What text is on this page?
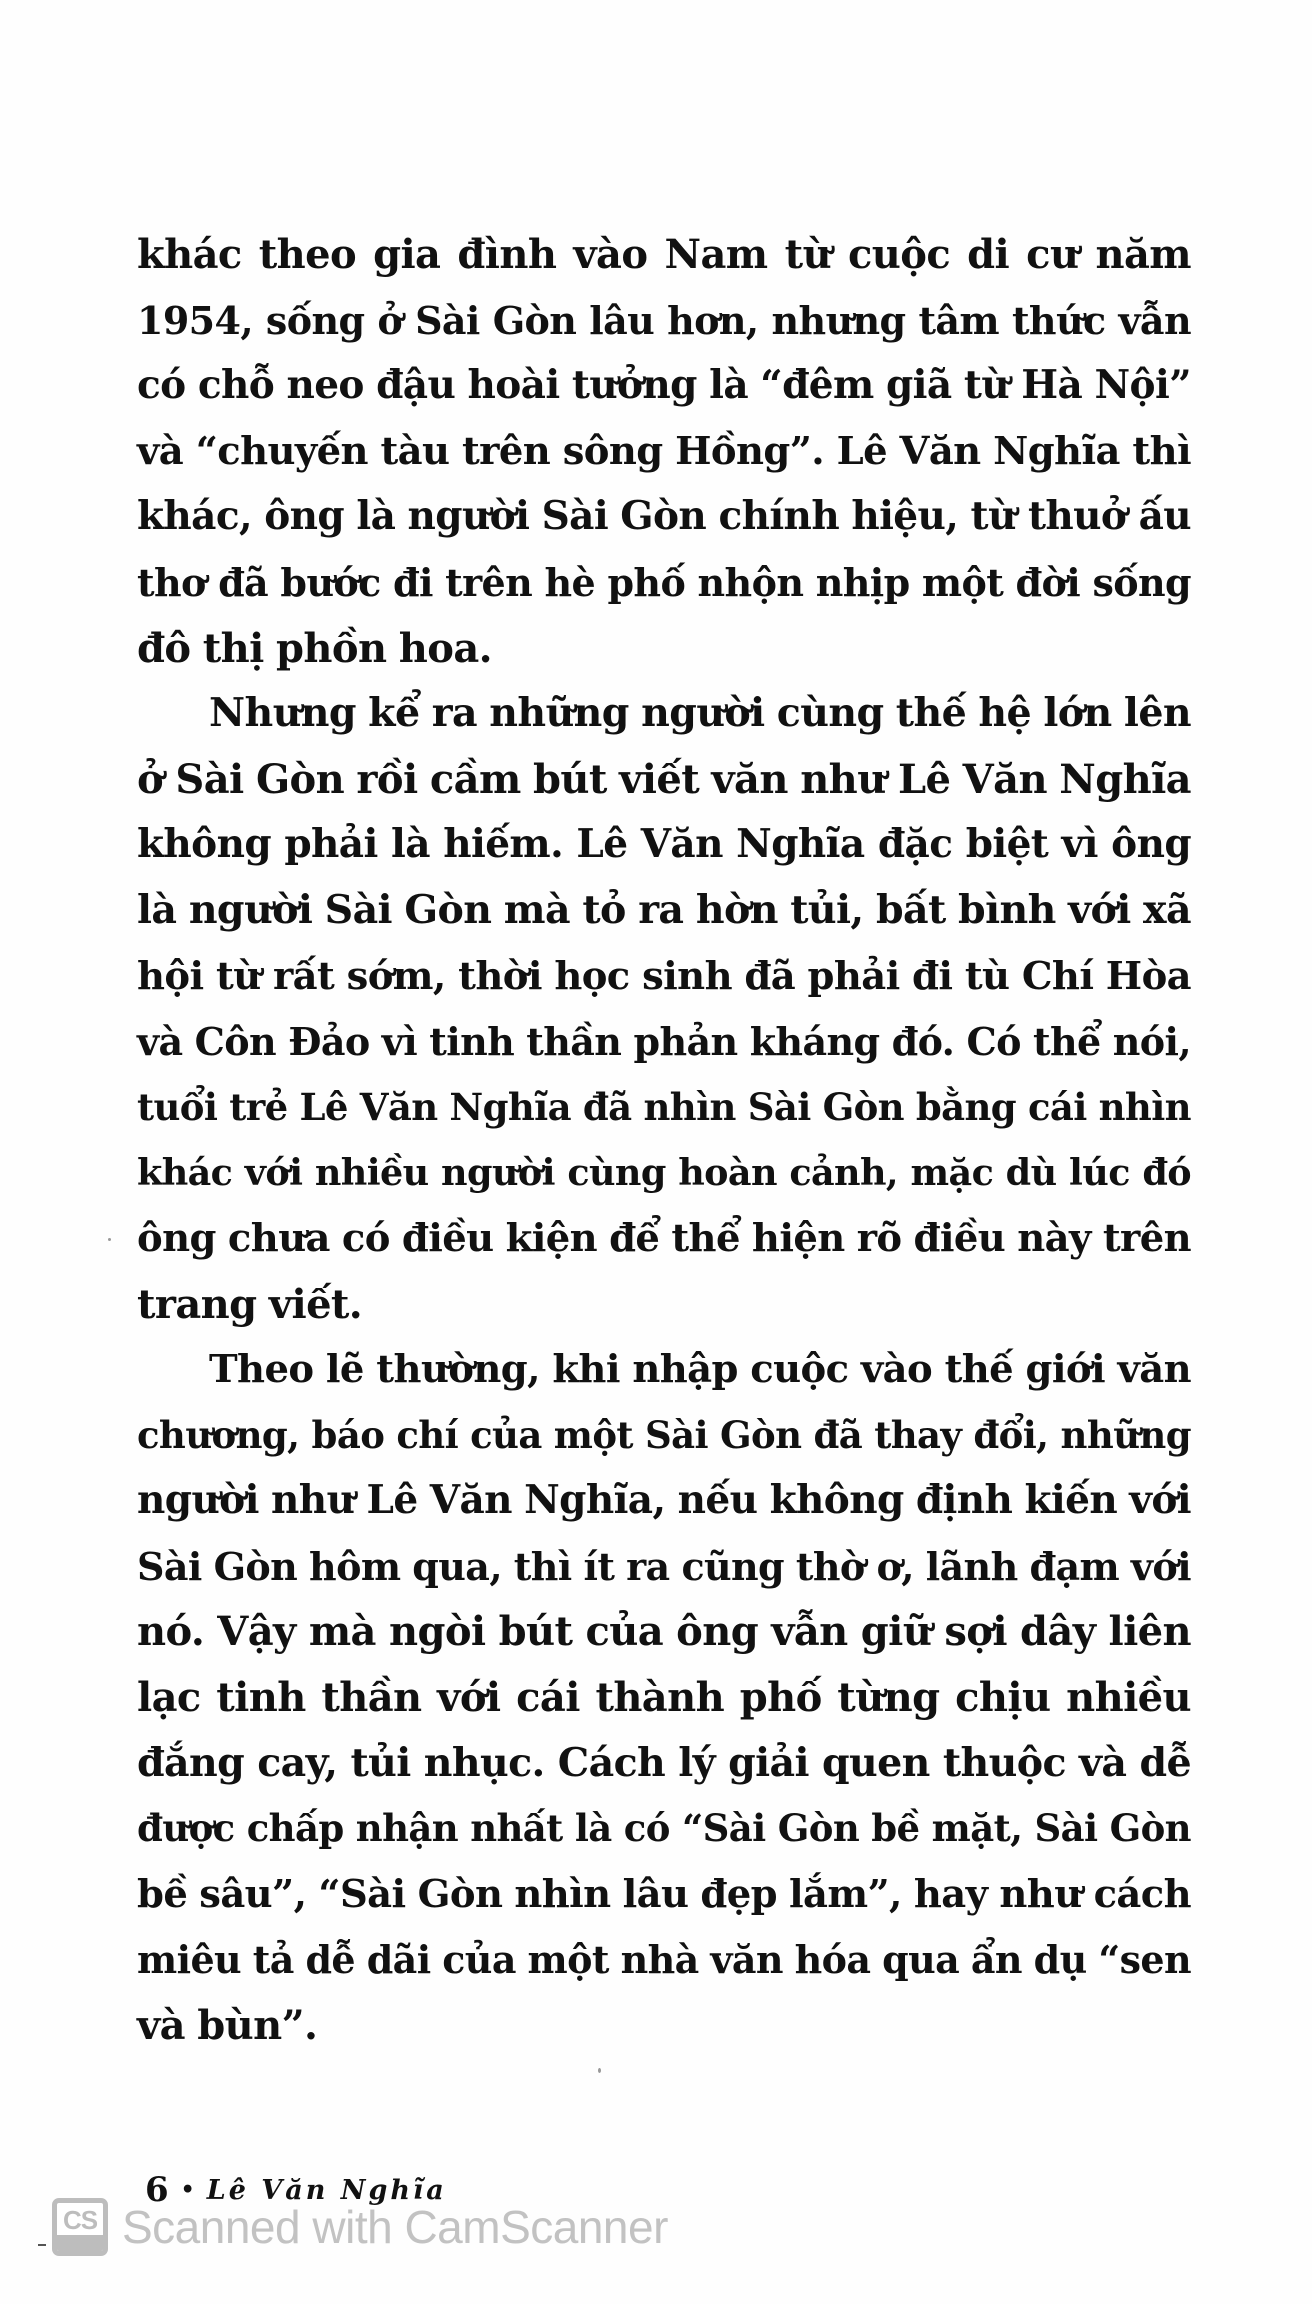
khác theo gia đình vào Nam từ cuộc di cư năm
1954, sống ở Sài Gòn lâu hơn, nhưng tâm thức vẫn
có chỗ neo đậu hoài tưởng là “đêm giã từ Hà Nội”
và “chuyến tàu trên sông Hồng”. Lê Văn Nghĩa thì
khác, ông là người Sài Gòn chính hiệu, từ thuở ấu
thơ đã bước đi trên hè phố nhộn nhịp một đời sống
đô thị phồn hoa.
Nhưng kể ra những người cùng thế hệ lớn lên
ở Sài Gòn rồi cầm bút viết văn như Lê Văn Nghĩa
không phải là hiếm. Lê Văn Nghĩa đặc biệt vì ông
là người Sài Gòn mà tỏ ra hờn tủi, bất bình với xã
hội từ rất sớm, thời học sinh đã phải đi tù Chí Hòa
và Côn Đảo vì tinh thần phản kháng đó. Có thể nói,
tuổi trẻ Lê Văn Nghĩa đã nhìn Sài Gòn bằng cái nhìn
khác với nhiều người cùng hoàn cảnh, mặc dù lúc đó
ông chưa có điều kiện để thể hiện rõ điều này trên
trang viết.
Theo lẽ thường, khi nhập cuộc vào thế giới văn
chương, báo chí của một Sài Gòn đã thay đổi, những
người như Lê Văn Nghĩa, nếu không định kiến với
Sài Gòn hôm qua, thì ít ra cũng thờ ơ, lãnh đạm với
nó. Vậy mà ngòi bút của ông vẫn giữ sợi dây liên
lạc tinh thần với cái thành phố từng chịu nhiều
đắng cay, tủi nhục. Cách lý giải quen thuộc và dễ
được chấp nhận nhất là có “Sài Gòn bề mặt, Sài Gòn
bề sâu”, “Sài Gòn nhìn lâu đẹp lắm”, hay như cách
miêu tả dễ dãi của một nhà văn hóa qua ẩn dụ “sen
và bùn”.
6 • Lê Văn Nghĩa
CS Scanned with CamScanner
